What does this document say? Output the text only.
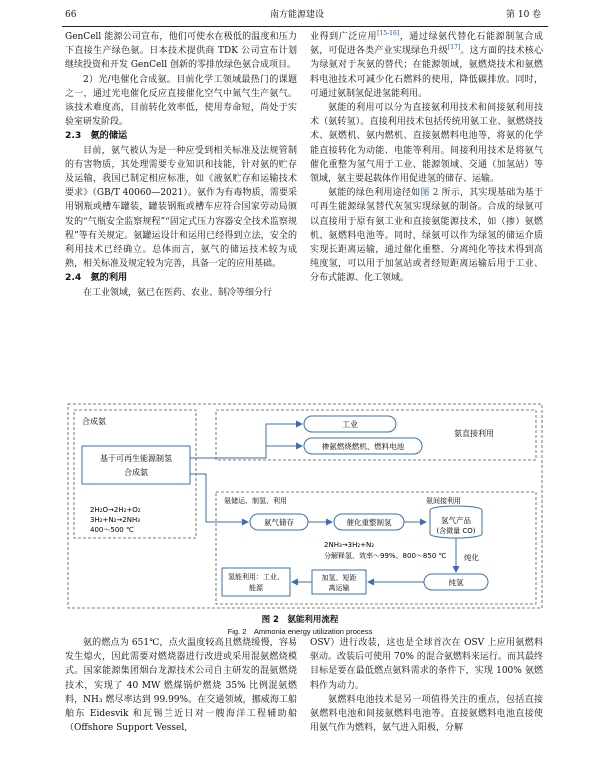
66	南方能源建设	第 10 卷

GenCell 能源公司宣布，他们可使水在极低的温度和压力下直接生产绿色氨。日本技术提供商 TDK 公司宣布计划继续投资和开发 GenCell 创新的零排放绿色氨合成项目。

2）光/电催化合成氨。目前化学工领域最热门的课题之一，通过光电催化反应直接催化空气中氮气生产氨气。该技术难度高，目前转化效率低，使用寿命短，尚处于实验室研发阶段。

2.3　氨的储运

目前，氨气被认为是一种应受到相关标准及法规管制的有害物质，其处理需要专业知识和技能，针对氨的贮存及运输，我国已制定相应标准，如《液氨贮存和运输技术要求》（GB/T 40060—2021）。氨作为有毒物质，需要采用钢瓶或槽车罐装，罐装钢瓶或槽车应符合国家劳动局颁发的“气瓶安全监察规程”“固定式压力容器安全技术监察规程”等有关规定。氨罐运设计和运用已经得到立法，安全的利用技术已经确立。总体而言，氨气的储运技术较为成熟，相关标准及规定较为完善，具备一定的应用基础。

2.4　氨的利用

在工业领域，氨已在医药、农业、制冷等细分行

业得到广泛应用[15-16]，通过绿氨代替化石能源制氢合成氨，可促进各类产业实现绿色升级[17]。这方面的技术核心为绿氨对于灰氨的替代；在能源领域，氨燃烧技术和氨燃料电池技术可减少化石燃料的使用，降低碳排放。同时，可通过氨制氢促进氢能利用。

氨能的利用可以分为直接氨利用技术和间接氨利用技术（氨转氢）。直接利用技术包括传统用氨工业、氨燃烧技术、氨燃机、氨内燃机、直接氨燃料电池等，将氨的化学能直接转化为动能、电能等利用。间接利用技术是将氨气催化重整为氢气用于工业、能源领域、交通（加氢站）等领域，氨主要起载体作用促进氢的储存、运输。

氨能的绿色利用途径如图 2 所示，其实现基础为基于可再生能源绿氢替代灰氢实现绿氨的制备。合成的绿氨可以直接用于原有氨工业和直接氨能源技术，如（掺）氨燃机、氨燃料电池等。同时，绿氨可以作为绿氢的储运介质实现长距离运输，通过催化重整、分离纯化等技术得到高纯度氢，可以用于加氢站或者经短距离运输后用于工业、分布式能源、化工领域。

合成氨
氨直接利用
氨储运、制氢、利用	氨间接利用
基于可再生能源制氢
合成氨
2H₂O→2H₂+O₂
3H₂+N₂→2NH₃
400～500 ℃
工业
掺氨燃烧燃机、燃料电池
氨气储存	催化重整制氢	氢气产品
(含微量 CO)
2NH₃→3H₂+N₂
分解释氢、效率～99%、800～850 ℃ 纯化
纯氢
加氢、短距
离运输
氢能利用：工业、
能源
图 2　氨能利用流程
Fig. 2　Ammonia energy utilization process

氨的燃点为 651℃，点火温度较高且燃烧缓慢，容易发生熄火，因此需要对燃烧器进行改进或采用混氨燃烧模式。国家能源集团烟台龙源技术公司自主研发的混氨燃烧技术，实现了 40 MW 燃煤锅炉燃烧 35% 比例混氨燃料，NH₃ 燃尽率达到 99.99%。在交通领域，挪威海工船舶东 Eidesvik 和瓦锡兰近日对一艘海洋工程辅助船（Offshore Support Vessel,

OSV）进行改装，这也是全球首次在 OSV 上应用氨燃料驱动。改装后可使用 70% 的混合氨燃料来运行。而其最终目标是要在最低燃点氨料需求的条件下，实现 100% 氨燃料作为动力。

氨燃料电池技术是另一项值得关注的重点，包括直接氨燃料电池和间接氨燃料电池等。直接氨燃料电池直接使用氨气作为燃料，氨气进入阳极，分解
